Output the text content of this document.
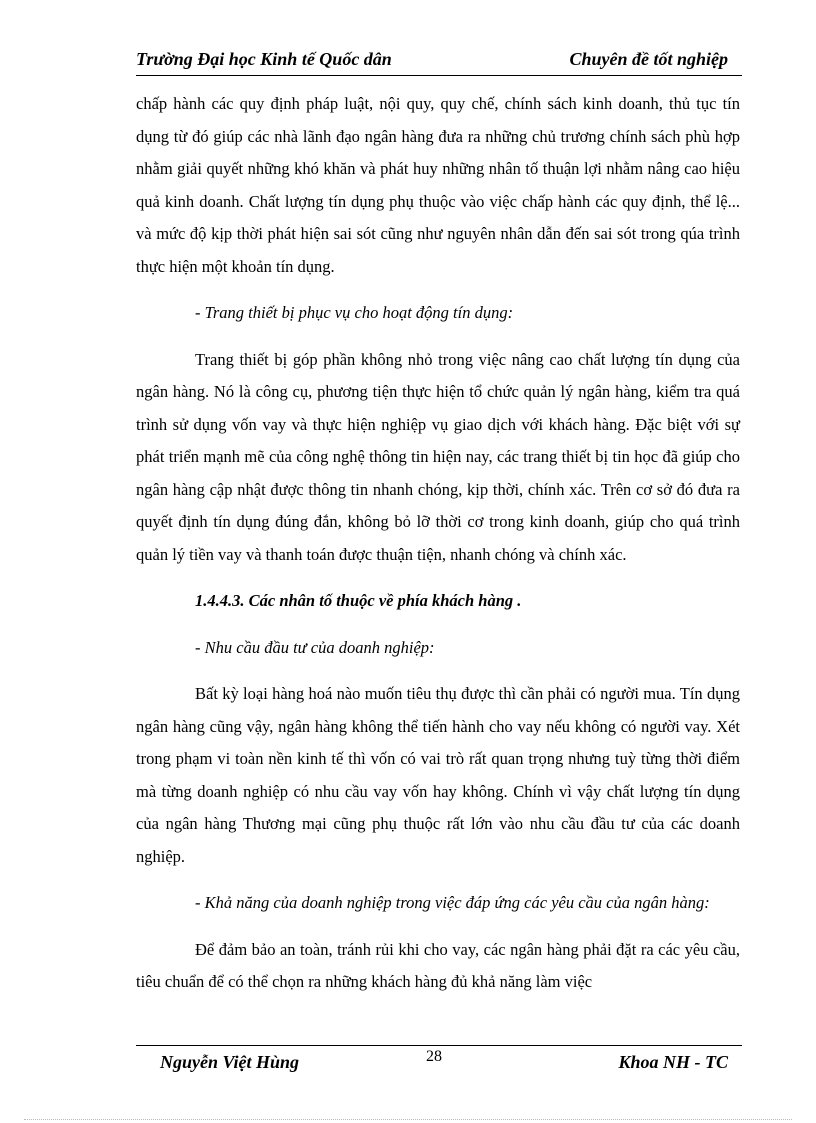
Trường Đại học Kinh tế Quốc dân	Chuyên đề tốt nghiệp

chấp hành các quy định pháp luật, nội quy, quy chế, chính sách kinh doanh, thủ tục tín dụng từ đó giúp các nhà lãnh đạo ngân hàng đưa ra những chủ trương chính sách phù hợp nhằm giải quyết những khó khăn và phát huy những nhân tố thuận lợi nhằm nâng cao hiệu quả kinh doanh. Chất lượng tín dụng phụ thuộc vào việc chấp hành các quy định, thể lệ... và mức độ kịp thời phát hiện sai sót cũng như nguyên nhân dẫn đến sai sót trong qúa trình thực hiện một khoản tín dụng.

- Trang thiết bị phục vụ cho hoạt động tín dụng:

Trang thiết bị góp phần không nhỏ trong việc nâng cao chất lượng tín dụng của ngân hàng. Nó là công cụ, phương tiện thực hiện tổ chức quản lý ngân hàng, kiểm tra quá trình sử dụng vốn vay và thực hiện nghiệp vụ giao dịch với khách hàng. Đặc biệt với sự phát triển mạnh mẽ của công nghệ thông tin hiện nay, các trang thiết bị tin học đã giúp cho ngân hàng cập nhật được thông tin nhanh chóng, kịp thời, chính xác. Trên cơ sở đó đưa ra quyết định tín dụng đúng đắn, không bỏ lỡ thời cơ trong kinh doanh, giúp cho quá trình quản lý tiền vay và thanh toán được thuận tiện, nhanh chóng và chính xác.

1.4.4.3. Các nhân tố thuộc về phía khách hàng .

- Nhu cầu đầu tư của doanh nghiệp:

Bất kỳ loại hàng hoá nào muốn tiêu thụ được thì cần phải có người mua. Tín dụng ngân hàng cũng vậy, ngân hàng không thể tiến hành cho vay nếu không có người vay. Xét trong phạm vi toàn nền kinh tế thì vốn có vai trò rất quan trọng nhưng tuỳ từng thời điểm mà từng doanh nghiệp có nhu cầu vay vốn hay không. Chính vì vậy chất lượng tín dụng của ngân hàng Thương mại cũng phụ thuộc rất lớn vào nhu cầu đầu tư của các doanh nghiệp.

- Khả năng của doanh nghiệp trong việc đáp ứng các yêu cầu của ngân hàng:

Để đảm bảo an toàn, tránh rủi khi cho vay, các ngân hàng phải đặt ra các yêu cầu, tiêu chuẩn để có thể chọn ra những khách hàng đủ khả năng làm việc

Nguyễn Việt Hùng	28	Khoa NH - TC
